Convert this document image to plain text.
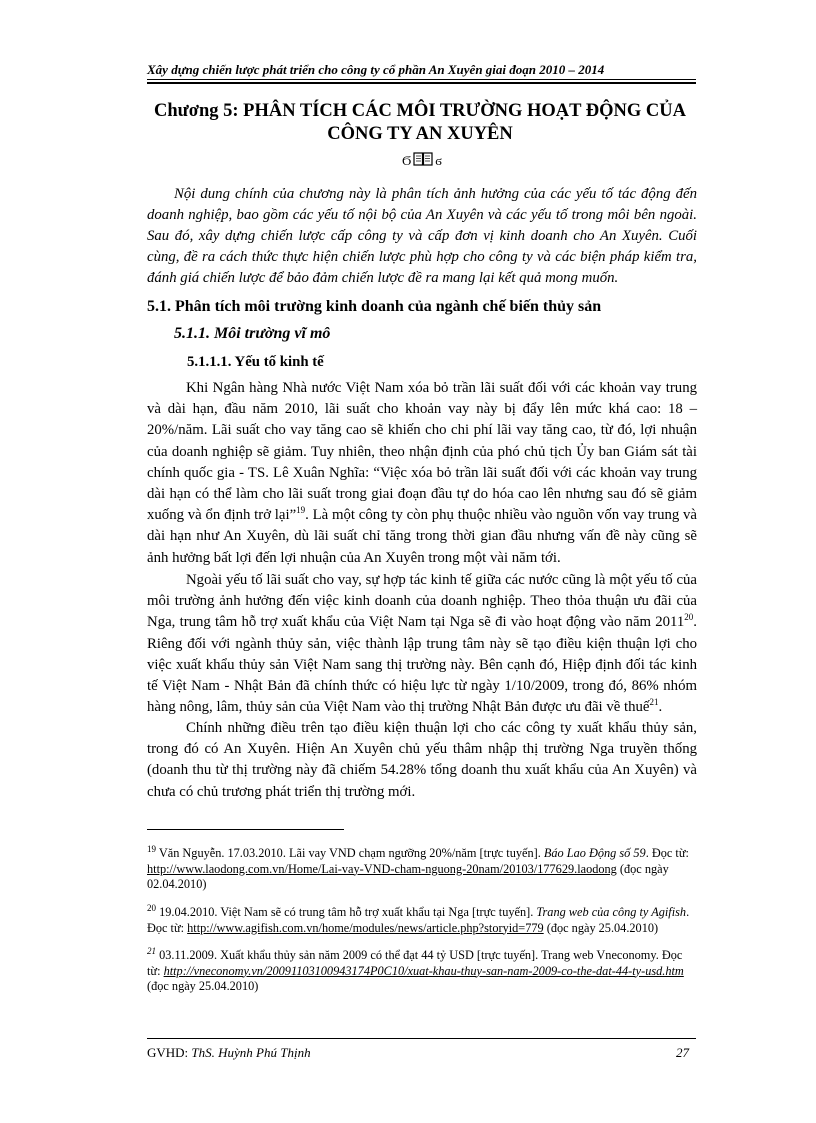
Xây dựng chiến lược phát triển cho công ty cổ phần An Xuyên giai đoạn 2010 – 2014
Chương 5: PHÂN TÍCH CÁC MÔI TRƯỜNG HOẠT ĐỘNG CỦA
CÔNG TY AN XUYÊN
Ϭ ϭ

Nội dung chính của chương này là phân tích ảnh hưởng của các yếu tố tác động đến doanh nghiệp, bao gồm các yếu tố nội bộ của An Xuyên và các yếu tố trong môi bên ngoài. Sau đó, xây dựng chiến lược cấp công ty và cấp đơn vị kinh doanh cho An Xuyên. Cuối cùng, đề ra cách thức thực hiện chiến lược phù hợp cho công ty và các biện pháp kiểm tra, đánh giá chiến lược để bảo đảm chiến lược đề ra mang lại kết quả mong muốn.

5.1. Phân tích môi trường kinh doanh của ngành chế biến thủy sản
5.1.1. Môi trường vĩ mô
5.1.1.1. Yếu tố kinh tế

Khi Ngân hàng Nhà nước Việt Nam xóa bỏ trần lãi suất đối với các khoản vay trung và dài hạn, đầu năm 2010, lãi suất cho khoản vay này bị đẩy lên mức khá cao: 18 – 20%/năm. Lãi suất cho vay tăng cao sẽ khiến cho chi phí lãi vay tăng cao, từ đó, lợi nhuận của doanh nghiệp sẽ giảm. Tuy nhiên, theo nhận định của phó chủ tịch Ủy ban Giám sát tài chính quốc gia - TS. Lê Xuân Nghĩa: “Việc xóa bỏ trần lãi suất đối với các khoản vay trung dài hạn có thể làm cho lãi suất trong giai đoạn đầu tự do hóa cao lên nhưng sau đó sẽ giảm xuống và ổn định trở lại”$^{19}$. Là một công ty còn phụ thuộc nhiều vào nguồn vốn vay trung và dài hạn như An Xuyên, dù lãi suất chỉ tăng trong thời gian đầu nhưng vấn đề này cũng sẽ ảnh hưởng bất lợi đến lợi nhuận của An Xuyên trong một vài năm tới.

Ngoài yếu tố lãi suất cho vay, sự hợp tác kinh tế giữa các nước cũng là một yếu tố của môi trường ảnh hưởng đến việc kinh doanh của doanh nghiệp. Theo thỏa thuận ưu đãi của Nga, trung tâm hỗ trợ xuất khẩu của Việt Nam tại Nga sẽ đi vào hoạt động vào năm 2011$^{20}$. Riêng đối với ngành thủy sản, việc thành lập trung tâm này sẽ tạo điều kiện thuận lợi cho việc xuất khẩu thủy sản Việt Nam sang thị trường này. Bên cạnh đó, Hiệp định đối tác kinh tế Việt Nam - Nhật Bản đã chính thức có hiệu lực từ ngày 1/10/2009, trong đó, 86% nhóm hàng nông, lâm, thủy sản của Việt Nam vào thị trường Nhật Bản được ưu đãi về thuế$^{21}$.

Chính những điều trên tạo điều kiện thuận lợi cho các công ty xuất khẩu thủy sản, trong đó có An Xuyên. Hiện An Xuyên chủ yếu thâm nhập thị trường Nga truyền thống (doanh thu từ thị trường này đã chiếm 54.28% tổng doanh thu xuất khẩu của An Xuyên) và chưa có chủ trương phát triển thị trường mới.

$^{19}$ Văn Nguyễn. 17.03.2010. Lãi vay VND chạm ngưỡng 20%/năm [trực tuyến]. Báo Lao Động số 59. Đọc từ: http://www.laodong.com.vn/Home/Lai-vay-VND-cham-nguong-20nam/20103/177629.laodong (đọc ngày 02.04.2010)

$^{20}$ 19.04.2010. Việt Nam sẽ có trung tâm hỗ trợ xuất khẩu tại Nga [trực tuyến]. Trang web của công ty Agifish. Đọc từ: http://www.agifish.com.vn/home/modules/news/article.php?storyid=779 (đọc ngày 25.04.2010)

$^{21}$ 03.11.2009. Xuất khẩu thủy sản năm 2009 có thể đạt 44 tỷ USD [trực tuyến]. Trang web Vneconomy. Đọc từ: http://vneconomy.vn/20091103100943174P0C10/xuat-khau-thuy-san-nam-2009-co-the-dat-44-ty-usd.htm (đọc ngày 25.04.2010)

GVHD: ThS. Huỳnh Phú Thịnh	27
